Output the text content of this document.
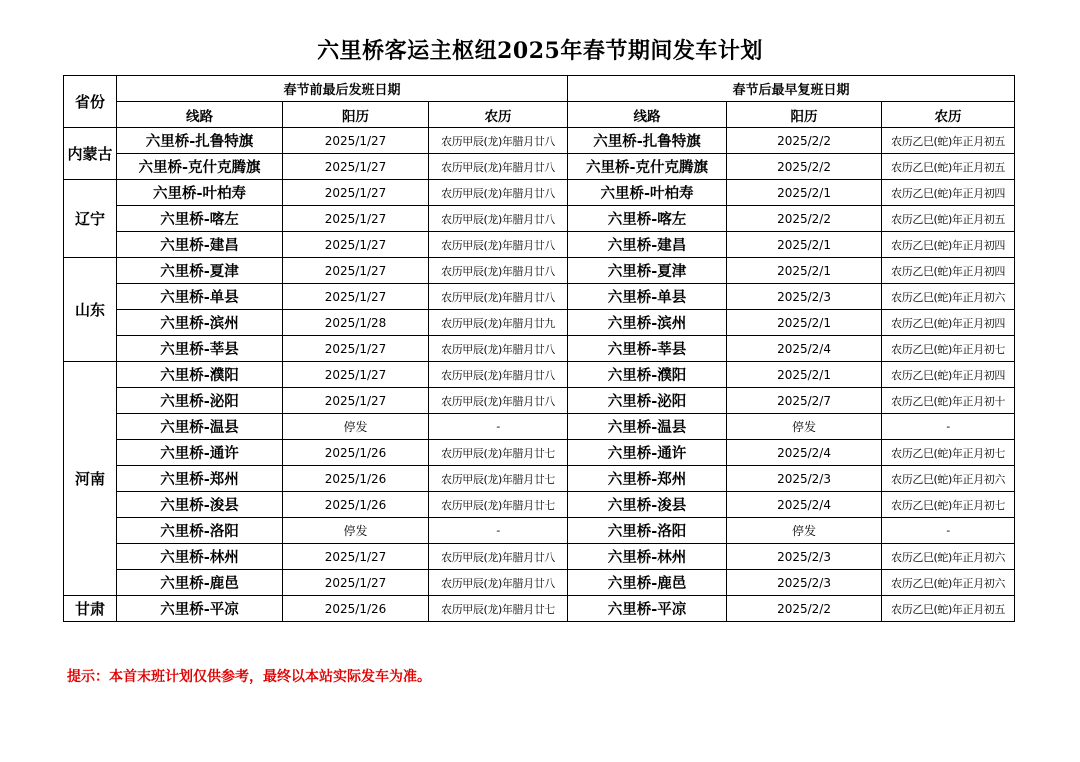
六里桥客运主枢纽2025年春节期间发车计划
省份	春节前最后发班日期			春节后最早复班日期		
	线路	阳历	农历	线路	阳历	农历
内蒙古	六里桥-扎鲁特旗	2025/1/27	农历甲辰(龙)年腊月廿八	六里桥-扎鲁特旗	2025/2/2	农历乙巳(蛇)年正月初五
	六里桥-克什克腾旗	2025/1/27	农历甲辰(龙)年腊月廿八	六里桥-克什克腾旗	2025/2/2	农历乙巳(蛇)年正月初五
辽宁	六里桥-叶柏寿	2025/1/27	农历甲辰(龙)年腊月廿八	六里桥-叶柏寿	2025/2/1	农历乙巳(蛇)年正月初四
	六里桥-喀左	2025/1/27	农历甲辰(龙)年腊月廿八	六里桥-喀左	2025/2/2	农历乙巳(蛇)年正月初五
	六里桥-建昌	2025/1/27	农历甲辰(龙)年腊月廿八	六里桥-建昌	2025/2/1	农历乙巳(蛇)年正月初四
山东	六里桥-夏津	2025/1/27	农历甲辰(龙)年腊月廿八	六里桥-夏津	2025/2/1	农历乙巳(蛇)年正月初四
	六里桥-单县	2025/1/27	农历甲辰(龙)年腊月廿八	六里桥-单县	2025/2/3	农历乙巳(蛇)年正月初六
	六里桥-滨州	2025/1/28	农历甲辰(龙)年腊月廿九	六里桥-滨州	2025/2/1	农历乙巳(蛇)年正月初四
	六里桥-莘县	2025/1/27	农历甲辰(龙)年腊月廿八	六里桥-莘县	2025/2/4	农历乙巳(蛇)年正月初七
河南	六里桥-濮阳	2025/1/27	农历甲辰(龙)年腊月廿八	六里桥-濮阳	2025/2/1	农历乙巳(蛇)年正月初四
	六里桥-泌阳	2025/1/27	农历甲辰(龙)年腊月廿八	六里桥-泌阳	2025/2/7	农历乙巳(蛇)年正月初十
	六里桥-温县	停发	-	六里桥-温县	停发	-
	六里桥-通许	2025/1/26	农历甲辰(龙)年腊月廿七	六里桥-通许	2025/2/4	农历乙巳(蛇)年正月初七
	六里桥-郑州	2025/1/26	农历甲辰(龙)年腊月廿七	六里桥-郑州	2025/2/3	农历乙巳(蛇)年正月初六
	六里桥-浚县	2025/1/26	农历甲辰(龙)年腊月廿七	六里桥-浚县	2025/2/4	农历乙巳(蛇)年正月初七
	六里桥-洛阳	停发	-	六里桥-洛阳	停发	-
	六里桥-林州	2025/1/27	农历甲辰(龙)年腊月廿八	六里桥-林州	2025/2/3	农历乙巳(蛇)年正月初六
	六里桥-鹿邑	2025/1/27	农历甲辰(龙)年腊月廿八	六里桥-鹿邑	2025/2/3	农历乙巳(蛇)年正月初六
甘肃	六里桥-平凉	2025/1/26	农历甲辰(龙)年腊月廿七	六里桥-平凉	2025/2/2	农历乙巳(蛇)年正月初五
提示：本首末班计划仅供参考，最终以本站实际发车为准。
